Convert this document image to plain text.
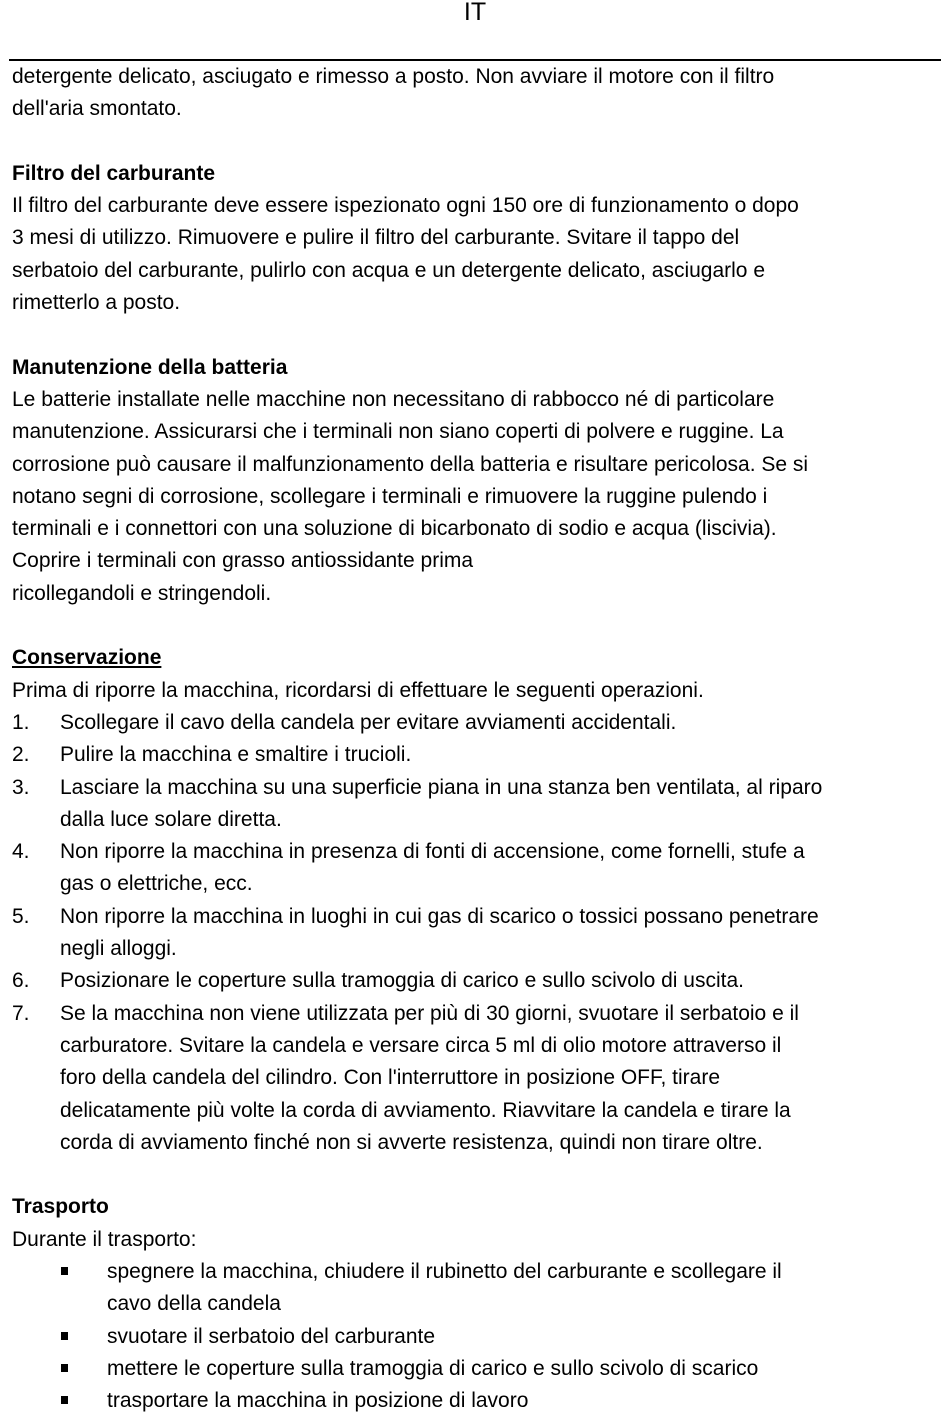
IT
detergente delicato, asciugato e rimesso a posto. Non avviare il motore con il filtro
dell'aria smontato.
Filtro del carburante
Il filtro del carburante deve essere ispezionato ogni 150 ore di funzionamento o dopo
3 mesi di utilizzo. Rimuovere e pulire il filtro del carburante. Svitare il tappo del
serbatoio del carburante, pulirlo con acqua e un detergente delicato, asciugarlo e
rimetterlo a posto.
Manutenzione della batteria
Le batterie installate nelle macchine non necessitano di rabbocco né di particolare
manutenzione. Assicurarsi che i terminali non siano coperti di polvere e ruggine. La
corrosione può causare il malfunzionamento della batteria e risultare pericolosa. Se si
notano segni di corrosione, scollegare i terminali e rimuovere la ruggine pulendo i
terminali e i connettori con una soluzione di bicarbonato di sodio e acqua (liscivia).
Coprire i terminali con grasso antiossidante prima
ricollegandoli e stringendoli.
Conservazione
Prima di riporre la macchina, ricordarsi di effettuare le seguenti operazioni.
1. Scollegare il cavo della candela per evitare avviamenti accidentali.
2. Pulire la macchina e smaltire i trucioli.
3. Lasciare la macchina su una superficie piana in una stanza ben ventilata, al riparo
dalla luce solare diretta.
4. Non riporre la macchina in presenza di fonti di accensione, come fornelli, stufe a
gas o elettriche, ecc.
5. Non riporre la macchina in luoghi in cui gas di scarico o tossici possano penetrare
negli alloggi.
6. Posizionare le coperture sulla tramoggia di carico e sullo scivolo di uscita.
7. Se la macchina non viene utilizzata per più di 30 giorni, svuotare il serbatoio e il
carburatore. Svitare la candela e versare circa 5 ml di olio motore attraverso il
foro della candela del cilindro. Con l'interruttore in posizione OFF, tirare
delicatamente più volte la corda di avviamento. Riavvitare la candela e tirare la
corda di avviamento finché non si avverte resistenza, quindi non tirare oltre.
Trasporto
Durante il trasporto:
spegnere la macchina, chiudere il rubinetto del carburante e scollegare il
cavo della candela
svuotare il serbatoio del carburante
mettere le coperture sulla tramoggia di carico e sullo scivolo di scarico
trasportare la macchina in posizione di lavoro
